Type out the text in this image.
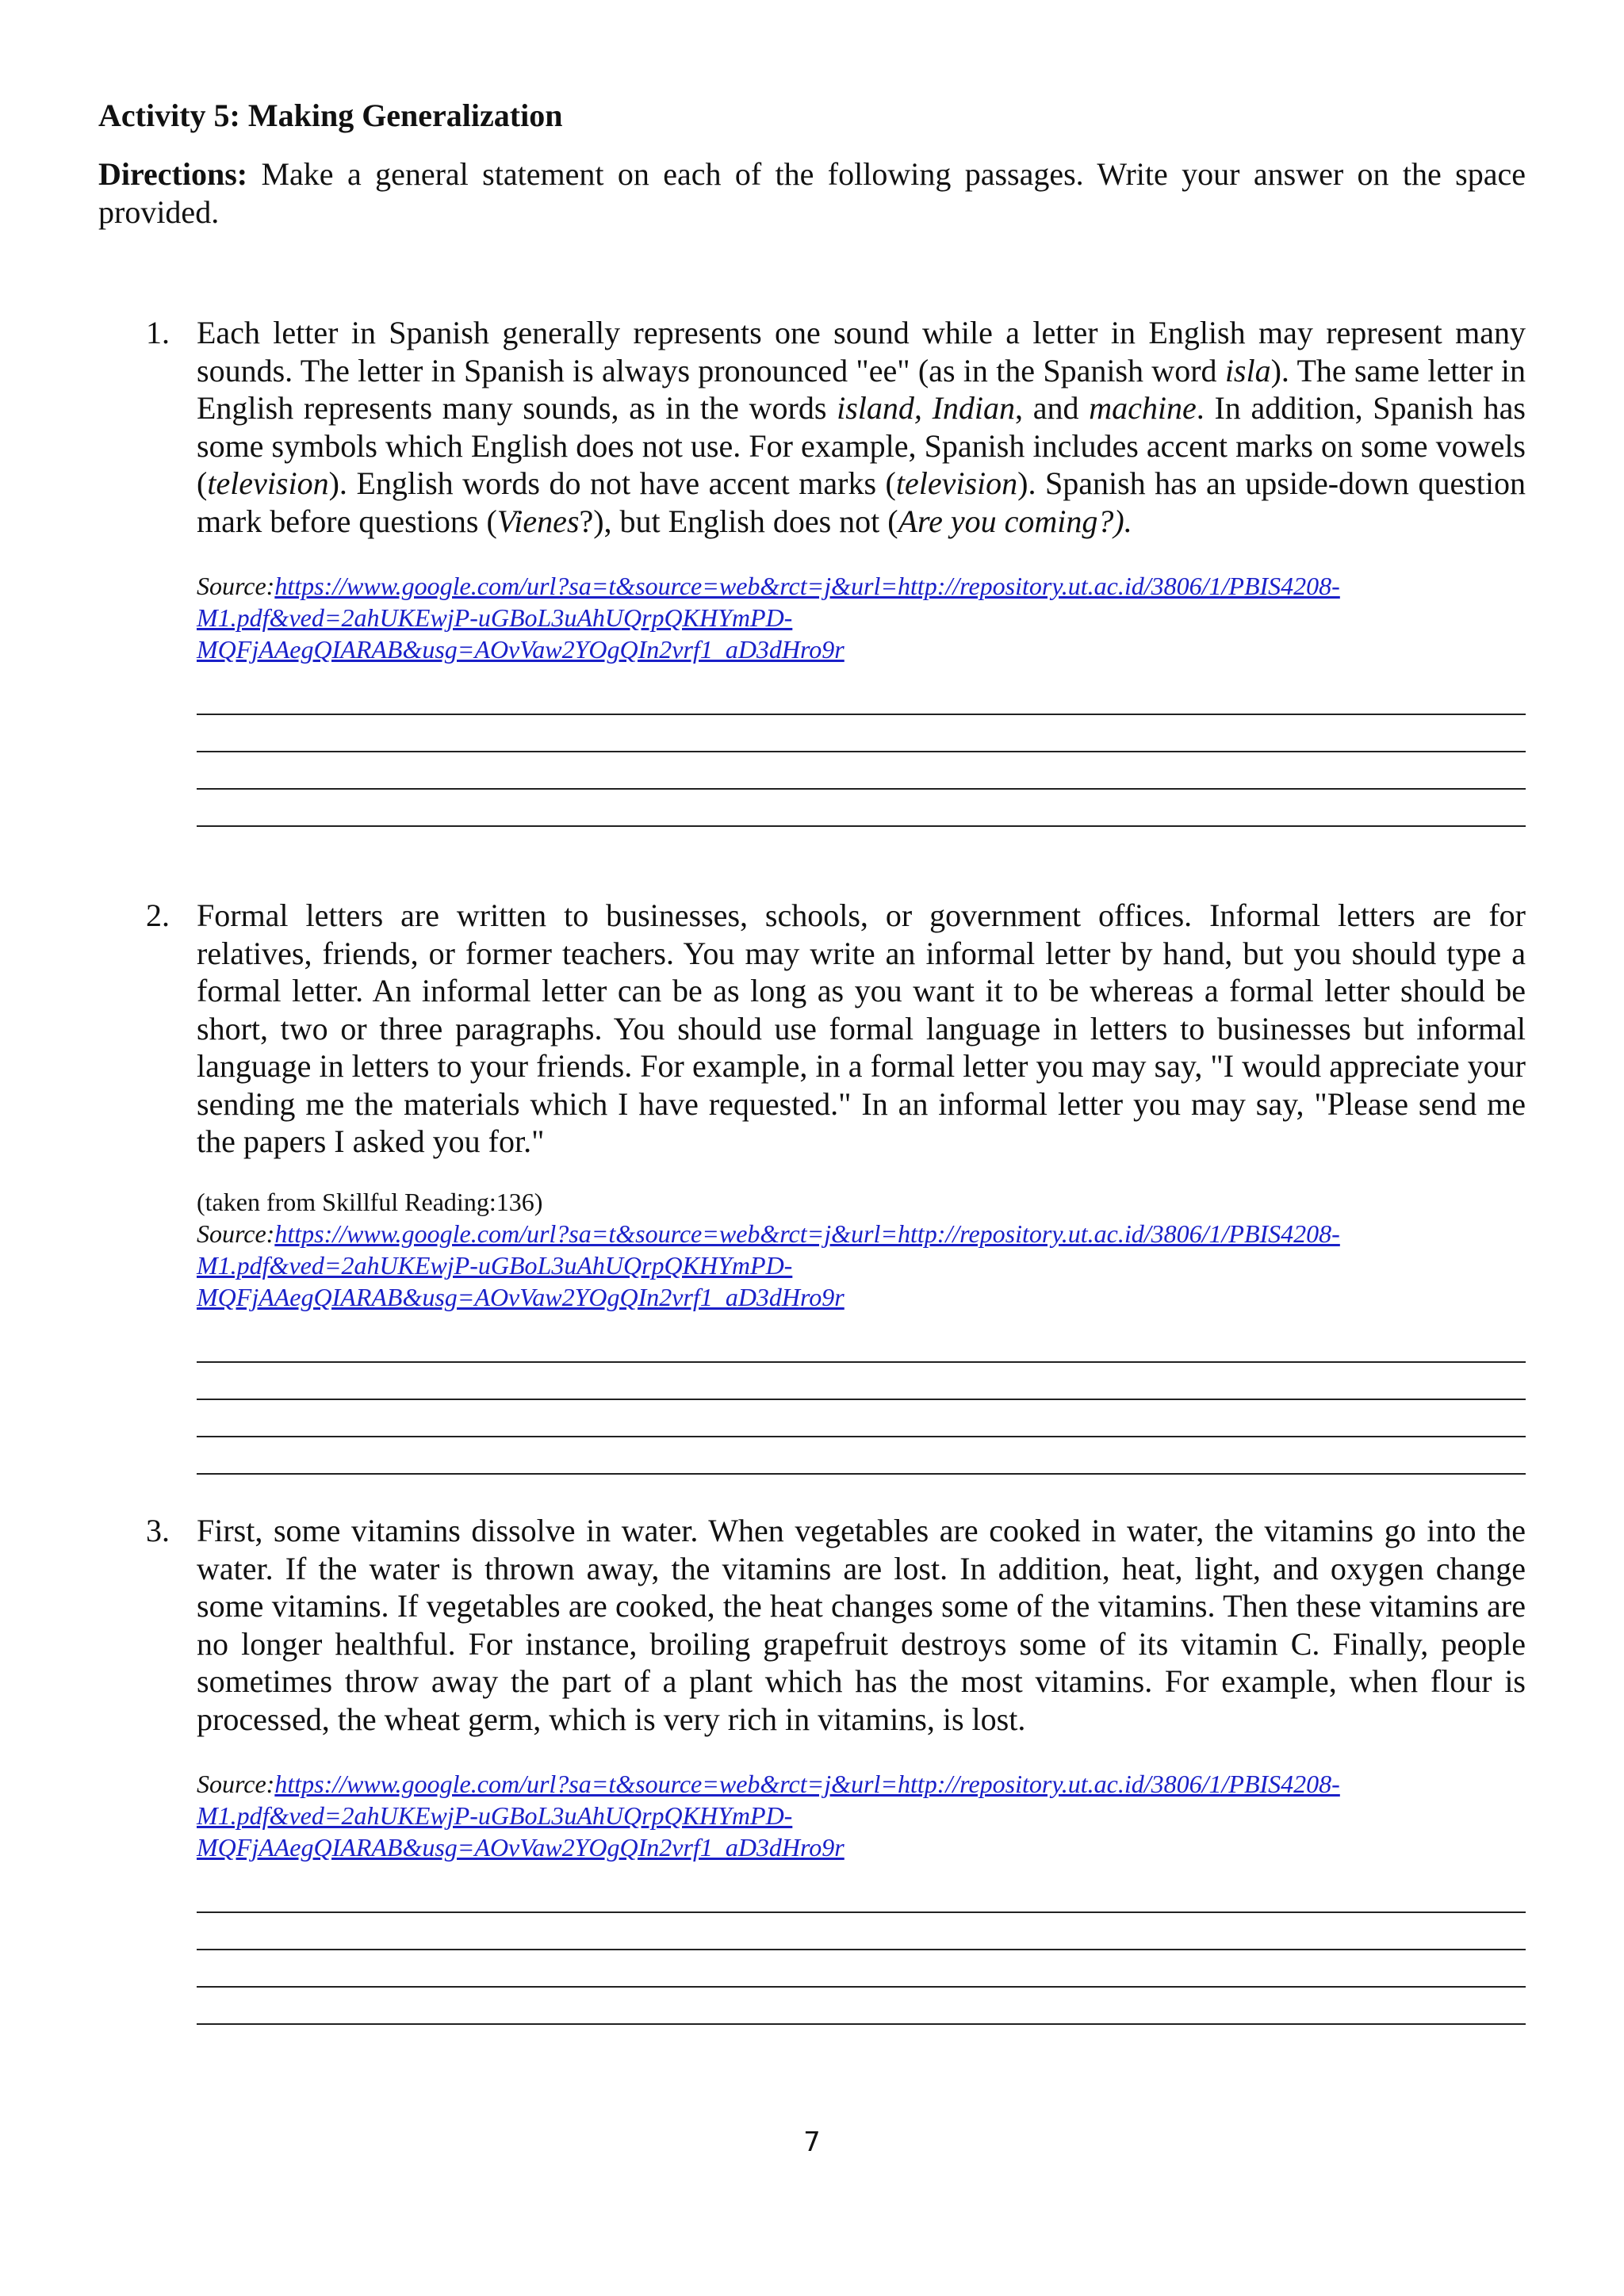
Activity 5: Making Generalization

Directions: Make a general statement on each of the following passages. Write your answer on the space provided.

1. Each letter in Spanish generally represents one sound while a letter in English may represent many sounds. The letter in Spanish is always pronounced "ee" (as in the Spanish word isla). The same letter in English represents many sounds, as in the words island, Indian, and machine. In addition, Spanish has some symbols which English does not use. For example, Spanish includes accent marks on some vowels (television). English words do not have accent marks (television). Spanish has an upside-down question mark before questions (Vienes?), but English does not (Are you coming?).

Source:https://www.google.com/url?sa=t&source=web&rct=j&url=http://repository.ut.ac.id/3806/1/PBIS4208-
M1.pdf&ved=2ahUKEwjP-uGBoL3uAhUQrpQKHYmPD-
MQFjAAegQIARAB&usg=AOvVaw2YOgQIn2vrf1_aD3dHro9r

2. Formal letters are written to businesses, schools, or government offices. Informal letters are for relatives, friends, or former teachers. You may write an informal letter by hand, but you should type a formal letter. An informal letter can be as long as you want it to be whereas a formal letter should be short, two or three paragraphs. You should use formal language in letters to businesses but informal language in letters to your friends. For example, in a formal letter you may say, "I would appreciate your sending me the materials which I have requested." In an informal letter you may say, "Please send me the papers I asked you for."

(taken from Skillful Reading:136)

Source:https://www.google.com/url?sa=t&source=web&rct=j&url=http://repository.ut.ac.id/3806/1/PBIS4208-
M1.pdf&ved=2ahUKEwjP-uGBoL3uAhUQrpQKHYmPD-
MQFjAAegQIARAB&usg=AOvVaw2YOgQIn2vrf1_aD3dHro9r

3. First, some vitamins dissolve in water. When vegetables are cooked in water, the vitamins go into the water. If the water is thrown away, the vitamins are lost. In addition, heat, light, and oxygen change some vitamins. If vegetables are cooked, the heat changes some of the vitamins. Then these vitamins are no longer healthful. For instance, broiling grapefruit destroys some of its vitamin C. Finally, people sometimes throw away the part of a plant which has the most vitamins. For example, when flour is processed, the wheat germ, which is very rich in vitamins, is lost.

Source:https://www.google.com/url?sa=t&source=web&rct=j&url=http://repository.ut.ac.id/3806/1/PBIS4208-
M1.pdf&ved=2ahUKEwjP-uGBoL3uAhUQrpQKHYmPD-
MQFjAAegQIARAB&usg=AOvVaw2YOgQIn2vrf1_aD3dHro9r

7
